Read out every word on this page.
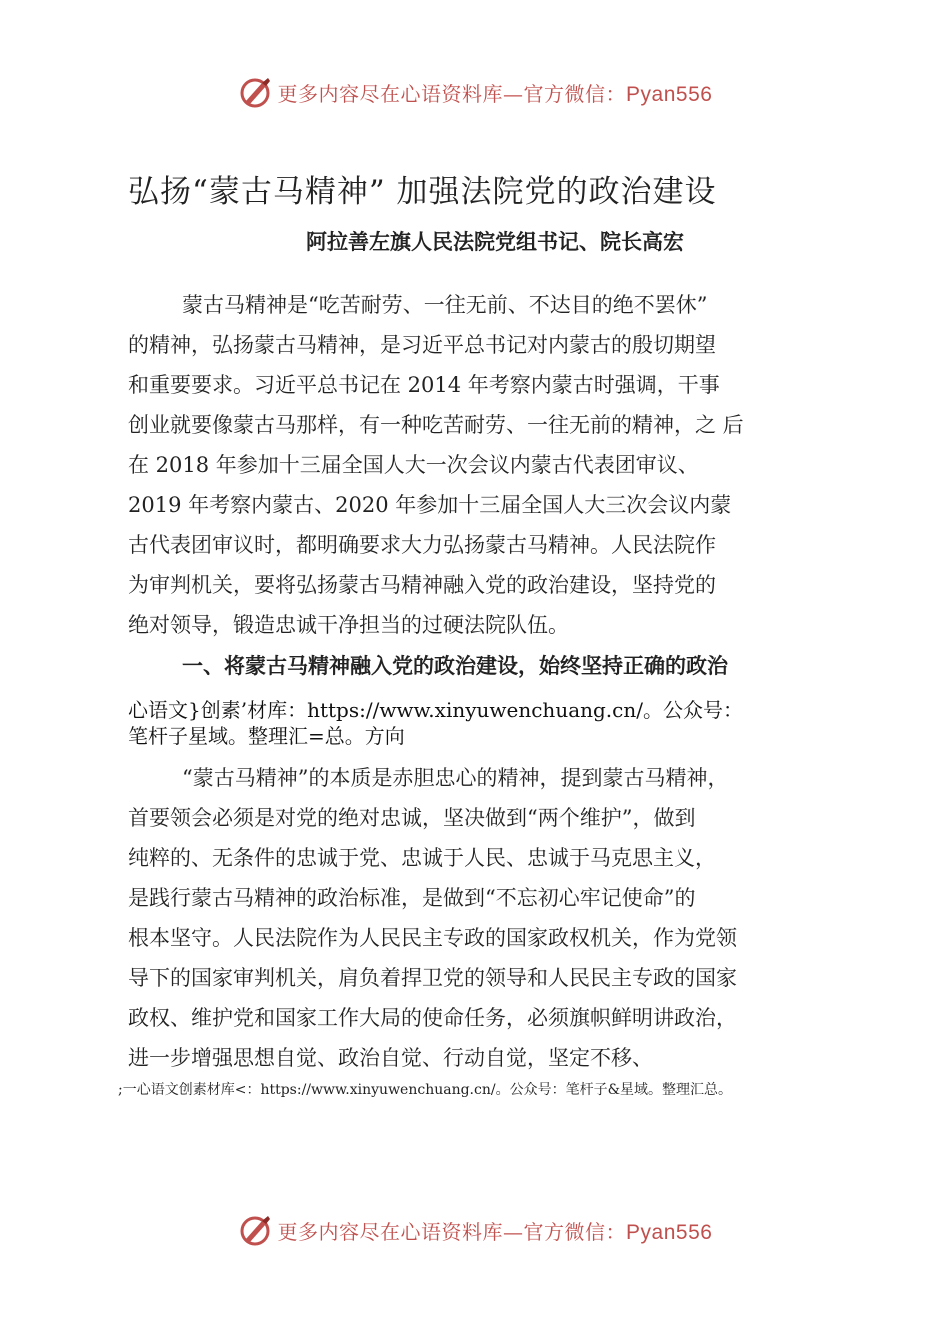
更多内容尽在心语资料库—官方微信：Pyan556
弘扬“蒙古马精神” 加强法院党的政治建设
阿拉善左旗人民法院党组书记、院长高宏
蒙古马精神是“吃苦耐劳、一往无前、不达目的绝不罢休”
的精神，弘扬蒙古马精神，是习近平总书记对内蒙古的殷切期望
和重要要求。习近平总书记在 2014 年考察内蒙古时强调，干事
创业就要像蒙古马那样，有一种吃苦耐劳、一往无前的精神，之 后
在 2018 年参加十三届全国人大一次会议内蒙古代表团审议、
2019 年考察内蒙古、2020 年参加十三届全国人大三次会议内蒙
古代表团审议时，都明确要求大力弘扬蒙古马精神。人民法院作
为审判机关，要将弘扬蒙古马精神融入党的政治建设，坚持党的
绝对领导，锻造忠诚干净担当的过硬法院队伍。
一、将蒙古马精神融入党的政治建设，始终坚持正确的政治
心语文}创素’材库：https://www.xinyuwenchuang.cn/。公众号：
笔杆子星域。整理汇=总。方向
“蒙古马精神”的本质是赤胆忠心的精神，提到蒙古马精神，
首要领会必须是对党的绝对忠诚，坚决做到“两个维护”，做到
纯粹的、无条件的忠诚于党、忠诚于人民、忠诚于马克思主义，
是践行蒙古马精神的政治标准，是做到“不忘初心牢记使命”的
根本坚守。人民法院作为人民民主专政的国家政权机关，作为党领
导下的国家审判机关，肩负着捍卫党的领导和人民民主专政的国家
政权、维护党和国家工作大局的使命任务，必须旗帜鲜明讲政治，
进一步增强思想自觉、政治自觉、行动自觉，坚定不移、
;一心语文创素材库<：https://www.xinyuwenchuang.cn/。公众号：笔杆子&星域。整理汇总。
更多内容尽在心语资料库—官方微信：Pyan556
